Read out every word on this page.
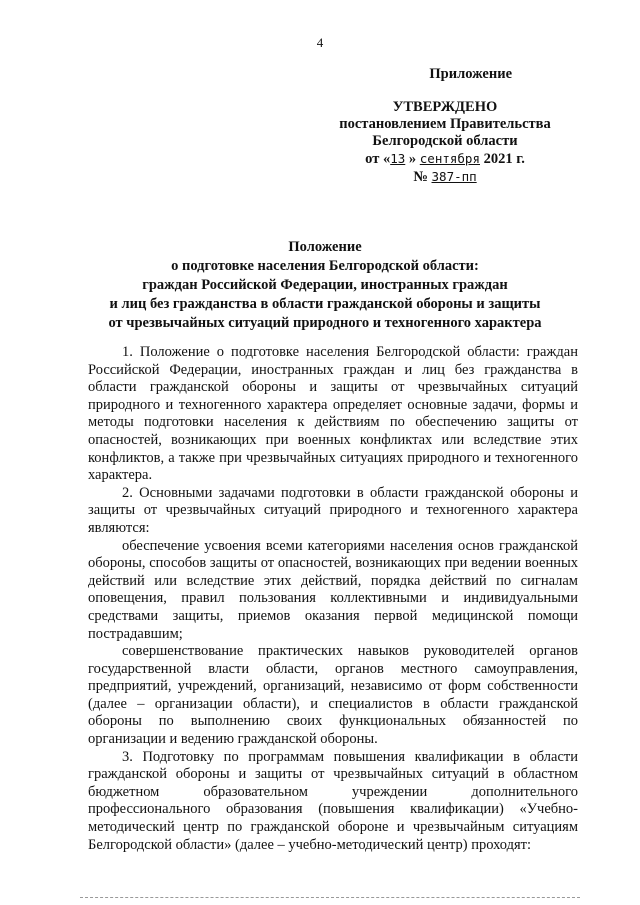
4
Приложение
УТВЕРЖДЕНО
постановлением Правительства
Белгородской области
от «13 » сентября 2021 г.
№ 387-пп
Положение
о подготовке населения Белгородской области:
граждан Российской Федерации, иностранных граждан
и лиц без гражданства в области гражданской обороны и защиты
от чрезвычайных ситуаций природного и техногенного характера

1. Положение о подготовке населения Белгородской области: граждан Российской Федерации, иностранных граждан и лиц без гражданства в области гражданской обороны и защиты от чрезвычайных ситуаций природного и техногенного характера определяет основные задачи, формы и методы подготовки населения к действиям по обеспечению защиты от опасностей, возникающих при военных конфликтах или вследствие этих конфликтов, а также при чрезвычайных ситуациях природного и техногенного характера.

2. Основными задачами подготовки в области гражданской обороны и защиты от чрезвычайных ситуаций природного и техногенного характера являются:

обеспечение усвоения всеми категориями населения основ гражданской обороны, способов защиты от опасностей, возникающих при ведении военных действий или вследствие этих действий, порядка действий по сигналам оповещения, правил пользования коллективными и индивидуальными средствами защиты, приемов оказания первой медицинской помощи пострадавшим;

совершенствование практических навыков руководителей органов государственной власти области, органов местного самоуправления, предприятий, учреждений, организаций, независимо от форм собственности (далее – организации области), и специалистов в области гражданской обороны по выполнению своих функциональных обязанностей по организации и ведению гражданской обороны.

3. Подготовку по программам повышения квалификации в области гражданской обороны и защиты от чрезвычайных ситуаций в областном бюджетном образовательном учреждении дополнительного профессионального образования (повышения квалификации) «Учебно-методический центр по гражданской обороне и чрезвычайным ситуациям Белгородской области» (далее – учебно-методический центр) проходят:
